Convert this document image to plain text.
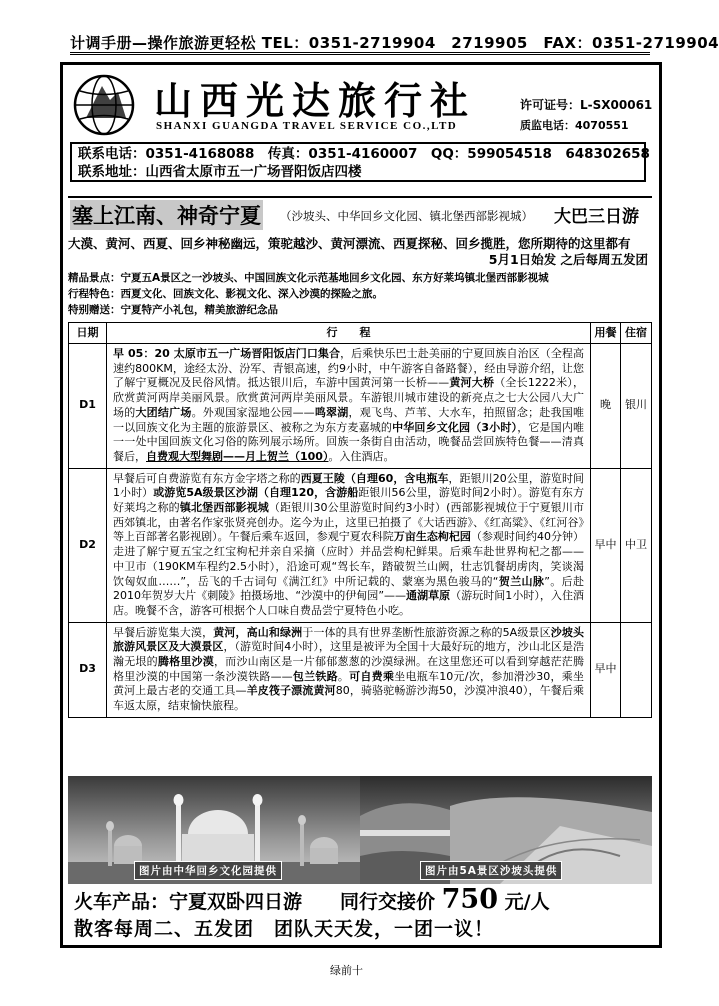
计调手册—操作旅游更轻松 TEL：0351-2719904　2719905　FAX：0351-2719904
山西光达旅行社
SHANXI GUANGDA TRAVEL SERVICE CO.,LTD
许可证号：L-SX00061
质监电话：4070551
联系电话：0351-4168088　传真：0351-4160007　QQ：599054518　648302658
联系地址：山西省太原市五一广场晋阳饭店四楼
塞上江南、神奇宁夏 （沙坡头、中华回乡文化园、镇北堡西部影视城） 大巴三日游
大漠、黄河、西夏、回乡神秘幽远，策驼越沙、黄河漂流、西夏探秘、回乡揽胜，您所期待的这里都有
5月1日始发 之后每周五发团
精品景点：宁夏五A景区之一沙坡头、中国回族文化示范基地回乡文化园、东方好莱坞镇北堡西部影视城
行程特色：西夏文化、回族文化、影视文化、深入沙漠的探险之旅。
特别赠送：宁夏特产小礼包，精美旅游纪念品
日期	行　　程	用餐	住宿
D1	早 05：20 太原市五一广场晋阳饭店门口集合，后乘快乐巴士赴美丽的宁夏回族自治区（全程高速约800KM，途经太汾、汾军、青银高速，约9小时，中午游客自备路餐），经由导游介绍，让您了解宁夏概况及民俗风情。抵达银川后，车游中国黄河第一长桥——黄河大桥（全长1222米），欣赏黄河两岸美丽风景。欣赏黄河两岸美丽风景。车游银川城市建设的新亮点之七大公园八大广场的大团结广场。外观国家湿地公园——鸣翠湖，观飞鸟、芦苇、大水车，拍照留念；赴我国唯一以回族文化为主题的旅游景区、被称之为东方麦嘉城的中华回乡文化园（3小时），它是国内唯一一处中国回族文化习俗的陈列展示场所。回族一条街自由活动，晚餐品尝回族特色餐——清真餐后，自费观大型舞剧——月上贺兰（100）。入住酒店。	晚	银川
D2	早餐后可自费游览有东方金字塔之称的西夏王陵（自理60，含电瓶车，距银川20公里，游览时间1小时）或游览5A级景区沙湖（自理120，含游船距银川56公里，游览时间2小时）。游览有东方好莱坞之称的镇北堡西部影视城（距银川30公里游览时间约3小时）(西部影视城位于宁夏银川市西郊镇北，由著名作家张贤亮创办。迄今为止，这里已拍摄了《大话西游》、《红高粱》、《红河谷》等上百部著名影视剧）。午餐后乘车返回，参观宁夏农科院万亩生态枸杞园（参观时间约40分钟）走进了解宁夏五宝之红宝枸杞并亲自采摘（应时）并品尝枸杞鲜果。后乘车赴世界枸杞之都——中卫市（190KM车程约2.5小时），沿途可观“驾长车，踏破贺兰山阙，壮志饥餐胡虏肉，笑谈渴饮匈奴血……”，岳飞的千古词句《满江红》中所记载的、蒙塞为黑色骏马的“贺兰山脉”。后赴2010年贺岁大片《刺陵》拍摄场地、“沙漠中的伊甸园”——通湖草原（游玩时间1小时），入住酒店。晚餐不含，游客可根据个人口味自费品尝宁夏特色小吃。	早中	中卫
D3	早餐后游览集大漠，黄河，高山和绿洲于一体的具有世界垄断性旅游资源之称的5A级景区沙坡头旅游风景区及大漠景区，（游览时间4小时），这里是被评为全国十大最好玩的地方，沙山北区是浩瀚无垠的腾格里沙漠，而沙山南区是一片郁郁葱葱的沙漠绿洲。在这里您还可以看到穿越茫茫腾格里沙漠的中国第一条沙漠铁路——包兰铁路。可自费乘坐电瓶车10元/次，参加滑沙30，乘坐黄河上最古老的交通工具—羊皮筏子漂流黄河80，骑骆驼畅游沙海50，沙漠冲浪40），午餐后乘车返太原，结束愉快旅程。	早中	
图片由中华回乡文化园提供	图片由5A景区沙坡头提供
火车产品：宁夏双卧四日游　　同行交接价 750 元/人
散客每周二、五发团　团队天天发，一团一议！
绿前十
